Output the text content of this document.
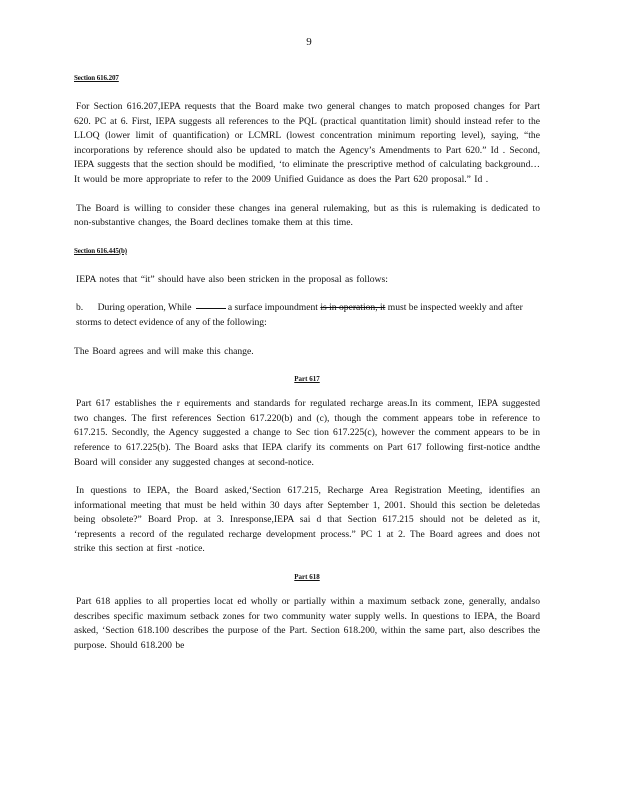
9
Section 616.207

For Section 616.207,IEPA requests that the Board make two general changes to match proposed changes for Part 620. PC at 6. First, IEPA suggests all references to the PQL (practical quantitation limit) should instead refer to the LLOQ (lower limit of quantification) or LCMRL (lowest concentration minimum reporting level), saying, “the incorporations by reference should also be updated to match the Agency’s Amendments to Part 620.” Id . Second, IEPA suggests that the section should be modified, ‘to eliminate the prescriptive method of calculating background… It would be more appropriate to refer to the 2009 Unified Guidance as does the Part 620 proposal.” Id .

The Board is willing to consider these changes ina general rulemaking, but as this is rulemaking is dedicated to non-substantive changes, the Board declines tomake them at this time.

Section 616.445(b)

IEPA notes that “it” should have also been stricken in the proposal as follows:

b. During operation, While	a surface impoundment is in operation, it must be inspected weekly and after storms to detect evidence of any of the following:

The Board agrees and will make this change.

Part 617

Part 617 establishes the r equirements and standards for regulated recharge areas.In its comment, IEPA suggested two changes. The first references Section 617.220(b) and (c), though the comment appears tobe in reference to 617.215. Secondly, the Agency suggested a change to Sec tion 617.225(c), however the comment appears to be in reference to 617.225(b). The Board asks that IEPA clarify its comments on Part 617 following first-notice andthe Board will consider any suggested changes at second-notice.

In questions to IEPA, the Board asked,‘Section 617.215, Recharge Area Registration Meeting, identifies an informational meeting that must be held within 30 days after September 1, 2001. Should this section be deletedas being obsolete?” Board Prop. at 3. Inresponse,IEPA sai d that Section 617.215 should not be deleted as it, ‘represents a record of the regulated recharge development process.” PC 1 at 2. The Board agrees and does not strike this section at first -notice.

Part 618

Part 618 applies to all properties locat ed wholly or partially within a maximum setback zone, generally, andalso describes specific maximum setback zones for two community water supply wells. In questions to IEPA, the Board asked, ‘Section 618.100 describes the purpose of the Part. Section 618.200, within the same part, also describes the purpose. Should 618.200 be
